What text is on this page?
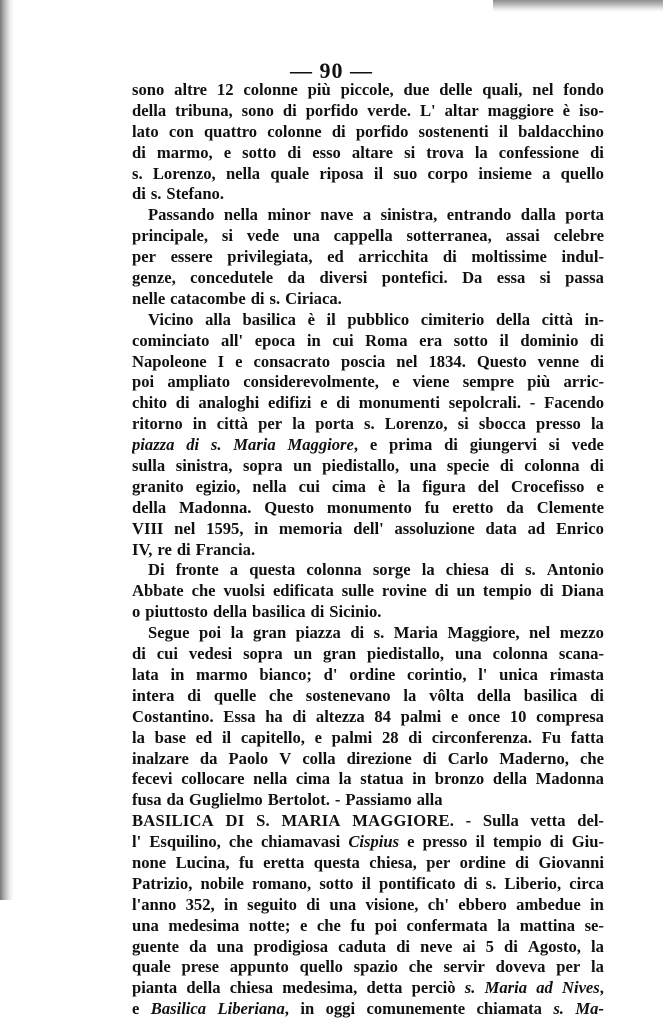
— 90 —
sono altre 12 colonne più piccole, due delle quali, nel fondo
della tribuna, sono di porfido verde. L' altar maggiore è iso-
lato con quattro colonne di porfido sostenenti il baldacchino
di marmo, e sotto di esso altare si trova la confessione di
s. Lorenzo, nella quale riposa il suo corpo insieme a quello
di s. Stefano.
Passando nella minor nave a sinistra, entrando dalla porta
principale, si vede una cappella sotterranea, assai celebre
per essere privilegiata, ed arricchita di moltissime indul-
genze, concedutele da diversi pontefici. Da essa si passa
nelle catacombe di s. Ciriaca.
Vicino alla basilica è il pubblico cimiterio della città in-
cominciato all' epoca in cui Roma era sotto il dominio di
Napoleone I e consacrato poscia nel 1834. Questo venne di
poi ampliato considerevolmente, e viene sempre più arric-
chito di analoghi edifizi e di monumenti sepolcrali. - Facendo
ritorno in città per la porta s. Lorenzo, si sbocca presso la
piazza di s. Maria Maggiore, e prima di giungervi si vede
sulla sinistra, sopra un piedistallo, una specie di colonna di
granito egizio, nella cui cima è la figura del Crocefisso e
della Madonna. Questo monumento fu eretto da Clemente
VIII nel 1595, in memoria dell' assoluzione data ad Enrico
IV, re di Francia.
Di fronte a questa colonna sorge la chiesa di s. Antonio
Abbate che vuolsi edificata sulle rovine di un tempio di Diana
o piuttosto della basilica di Sicinio.
Segue poi la gran piazza di s. Maria Maggiore, nel mezzo
di cui vedesi sopra un gran piedistallo, una colonna scana-
lata in marmo bianco; d' ordine corintio, l' unica rimasta
intera di quelle che sostenevano la vôlta della basilica di
Costantino. Essa ha di altezza 84 palmi e once 10 compresa
la base ed il capitello, e palmi 28 di circonferenza. Fu fatta
inalzare da Paolo V colla direzione di Carlo Maderno, che
fecevi collocare nella cima la statua in bronzo della Madonna
fusa da Guglielmo Bertolot. - Passiamo alla
BASILICA DI S. MARIA MAGGIORE. - Sulla vetta del-
l' Esquilino, che chiamavasi Cispius e presso il tempio di Giu-
none Lucina, fu eretta questa chiesa, per ordine di Giovanni
Patrizio, nobile romano, sotto il pontificato di s. Liberio, circa
l'anno 352, in seguito di una visione, ch' ebbero ambedue in
una medesima notte; e che fu poi confermata la mattina se-
guente da una prodigiosa caduta di neve ai 5 di Agosto, la
quale prese appunto quello spazio che servir doveva per la
pianta della chiesa medesima, detta perciò s. Maria ad Nives,
e Basilica Liberiana, in oggi comunemente chiamata s. Ma-
